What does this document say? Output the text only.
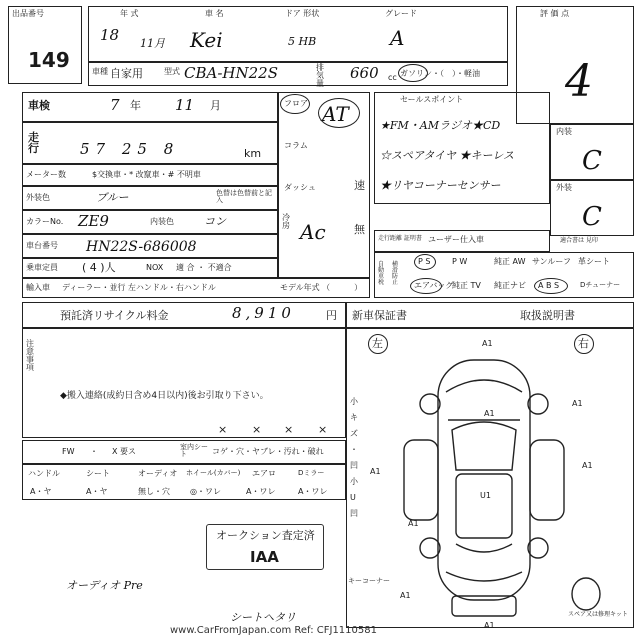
出品番号
149
年 式
18 11月
車 名
Kei
ドア 形状
5 HB
グレード
A
評 価 点
4
車種 自家用	型式 CBA-HN22S	排気量
660 cc ガソリン・（　）・軽油
車検	7 年 11 月
走行	57 25 8	km
メーター数	$交換車・* 改竄車・# 不明車
外装色	ブルー	色替は色替前と記入
カラーNo. ZE9	内装色	コン
車台番号 HN22S-686008
乗車定員 ( 4 )人	NOX 適 合 ・ 不適合
輸入車 ディーラー・並行 左ハンドル・右ハンドル	モデル年式 （　　　）
フロア
コラム
ダッシュ
AT
速
冷房 Ac	無
セールスポイント
★FM・AMラジオ★CD
☆スペアタイヤ ★キーレス
★リヤコーナーセンサー
内装
C
外装
C
走行距離 証明書 ユーザー仕入車
P S	P W	純正 AW サンルーフ 革シート
エアバッグ
純正 TV 純正ナビ A B S	Dチューナー
自動車税
横滑防止
適合書は 見印
預託済リサイクル料金	8,910	円 新車保証書	取扱説明書
注意事項
◆搬入連絡(成約日含め4日以内)後お引取り下さい。
× × × ×
FW ・ X 要ス	室内シート	コゲ・穴・ヤブレ・汚れ・破れ
ハンドル	シート	オーディオ ホイール(カバー) エアロ	Dミラー
A・ヤ	A・ヤ	無し・穴	◎・ワレ	A・ワレ	A・ワレ
オークション査定済
IAA
オーディオ Pre
シートヘタリ
左	右
A1
A1
A1
A1
A1
U1
A1
A1
A1
小
キ
ズ
・
凹
小
U
凹
キーコーナー
スペア又は修理キット
www.CarFromJapan.com Ref: CFJ1110581
